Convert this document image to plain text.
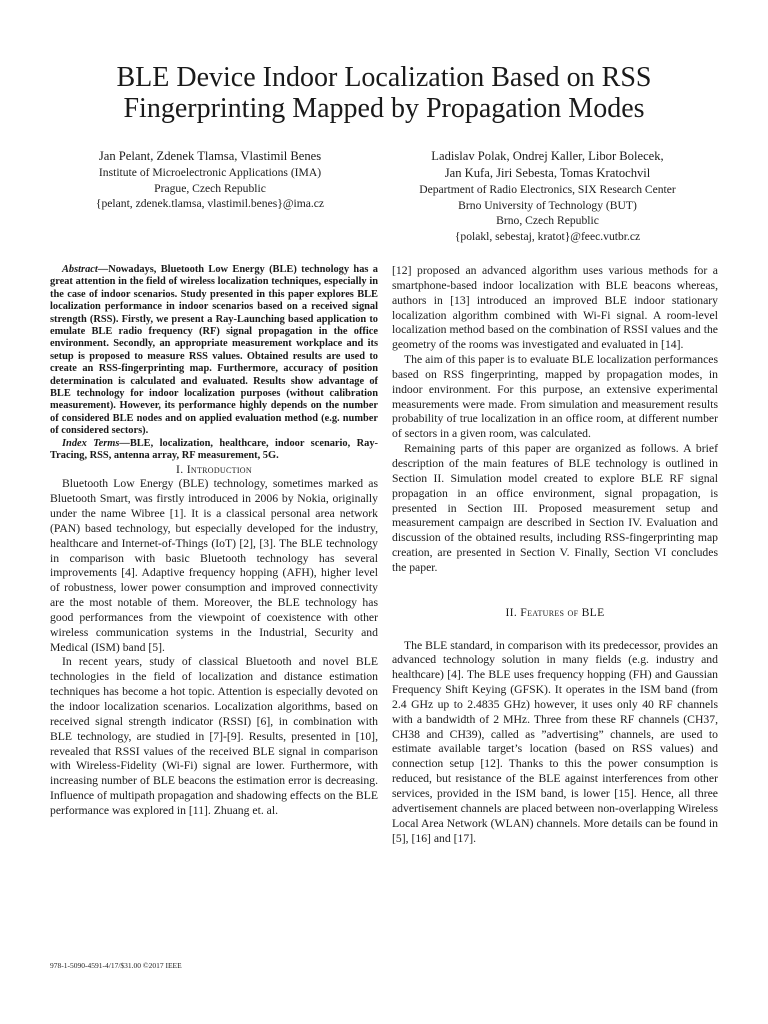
BLE Device Indoor Localization Based on RSS
Fingerprinting Mapped by Propagation Modes
Jan Pelant, Zdenek Tlamsa, Vlastimil Benes
Institute of Microelectronic Applications (IMA)
Prague, Czech Republic
{pelant, zdenek.tlamsa, vlastimil.benes}@ima.cz
Ladislav Polak, Ondrej Kaller, Libor Bolecek,
Jan Kufa, Jiri Sebesta, Tomas Kratochvil
Department of Radio Electronics, SIX Research Center
Brno University of Technology (BUT)
Brno, Czech Republic
{polakl, sebestaj, kratot}@feec.vutbr.cz

Abstract—Nowadays, Bluetooth Low Energy (BLE) technology has a great attention in the field of wireless localization techniques, especially in the case of indoor scenarios. Study presented in this paper explores BLE localization performance in indoor scenarios based on a received signal strength (RSS). Firstly, we present a Ray-Launching based application to emulate BLE radio frequency (RF) signal propagation in the office environment. Secondly, an appropriate measurement workplace and its setup is proposed to measure RSS values. Obtained results are used to create an RSS-fingerprinting map. Furthermore, accuracy of position determination is calculated and evaluated. Results show advantage of BLE technology for indoor localization purposes (without calibration measurement). However, its performance highly depends on the number of considered BLE nodes and on applied evaluation method (e.g. number of considered sectors).

Index Terms—BLE, localization, healthcare, indoor scenario, Ray-Tracing, RSS, antenna array, RF measurement, 5G.

I. Introduction

Bluetooth Low Energy (BLE) technology, sometimes marked as Bluetooth Smart, was firstly introduced in 2006 by Nokia, originally under the name Wibree [1]. It is a classical personal area network (PAN) based technology, but especially developed for the industry, healthcare and Internet-of-Things (IoT) [2], [3]. The BLE technology in comparison with basic Bluetooth technology has several improvements [4]. Adaptive frequency hopping (AFH), higher level of robustness, lower power consumption and improved connectivity are the most notable of them. Moreover, the BLE technology has good performances from the viewpoint of coexistence with other wireless communication systems in the Industrial, Security and Medical (ISM) band [5].

In recent years, study of classical Bluetooth and novel BLE technologies in the field of localization and distance estimation techniques has become a hot topic. Attention is especially devoted on the indoor localization scenarios. Localization algorithms, based on received signal strength indicator (RSSI) [6], in combination with BLE technology, are studied in [7]-[9]. Results, presented in [10], revealed that RSSI values of the received BLE signal in comparison with Wireless-Fidelity (Wi-Fi) signal are lower. Furthermore, with increasing number of BLE beacons the estimation error is decreasing. Influence of multipath propagation and shadowing effects on the BLE performance was explored in [11]. Zhuang et. al.

[12] proposed an advanced algorithm uses various methods for a smartphone-based indoor localization with BLE beacons whereas, authors in [13] introduced an improved BLE indoor stationary localization algorithm combined with Wi-Fi signal. A room-level localization method based on the combination of RSSI values and the geometry of the rooms was investigated and evaluated in [14].

The aim of this paper is to evaluate BLE localization performances based on RSS fingerprinting, mapped by propagation modes, in indoor environment. For this purpose, an extensive experimental measurements were made. From simulation and measurement results probability of true localization in an office room, at different number of sectors in a given room, was calculated.

Remaining parts of this paper are organized as follows. A brief description of the main features of BLE technology is outlined in Section II. Simulation model created to explore BLE RF signal propagation in an office environment, signal propagation, is presented in Section III. Proposed measurement setup and measurement campaign are described in Section IV. Evaluation and discussion of the obtained results, including RSS-fingerprinting map creation, are presented in Section V. Finally, Section VI concludes the paper.

II. Features of BLE

The BLE standard, in comparison with its predecessor, provides an advanced technology solution in many fields (e.g. industry and healthcare) [4]. The BLE uses frequency hopping (FH) and Gaussian Frequency Shift Keying (GFSK). It operates in the ISM band (from 2.4 GHz up to 2.4835 GHz) however, it uses only 40 RF channels with a bandwidth of 2 MHz. Three from these RF channels (CH37, CH38 and CH39), called as ”advertising” channels, are used to estimate available target’s location (based on RSS values) and connection setup [12]. Thanks to this the power consumption is reduced, but resistance of the BLE against interferences from other services, provided in the ISM band, is lower [15]. Hence, all three advertisement channels are placed between non-overlapping Wireless Local Area Network (WLAN) channels. More details can be found in [5], [16] and [17].

978-1-5090-4591-4/17/$31.00 ©2017 IEEE
